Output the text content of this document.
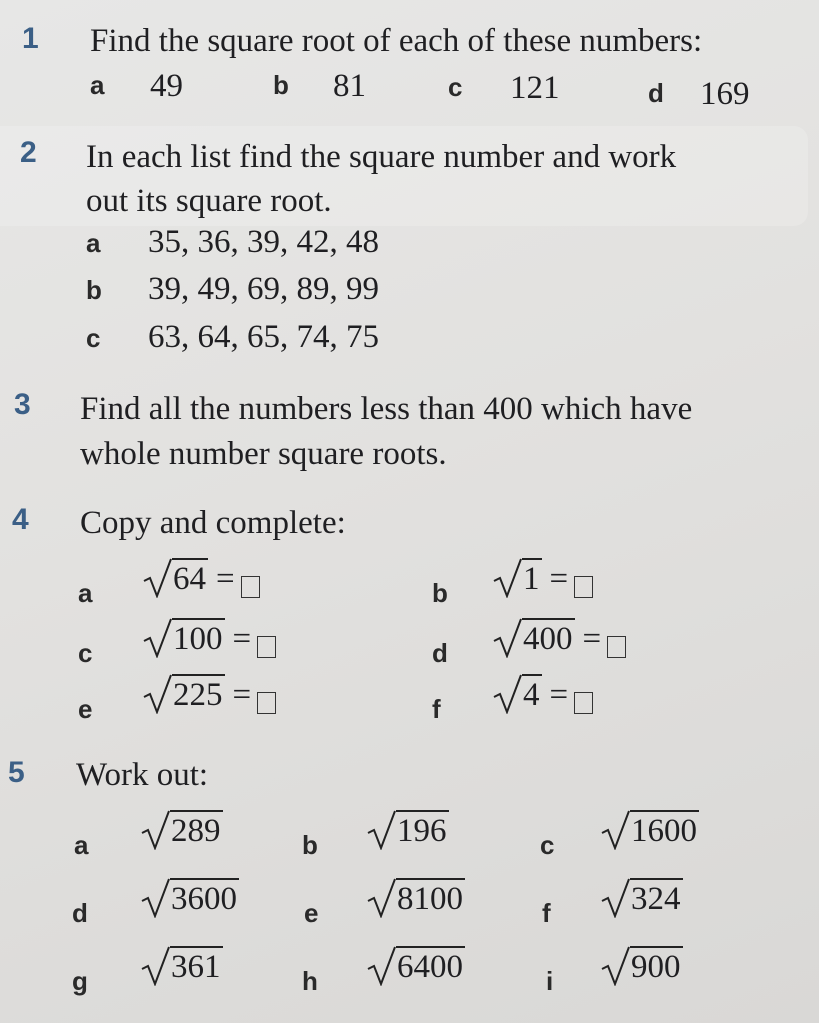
1 Find the square root of each of these numbers:
a 49	b 81	c 121	d 169
2 In each list find the square number and work
out its square root.
a 35, 36, 39, 42, 48
b 39, 49, 69, 89, 99
c 63, 64, 65, 74, 75
3 Find all the numbers less than 400 which have
whole number square roots.
4 Copy and complete:
a 64 =	b 1 =
c 100 =	d 400 =
e 225 =	f 4 =
5 Work out:
a	289	b 196	c 1600
d	3600	e 8100	f 324
g	361	h 6400	i 900
